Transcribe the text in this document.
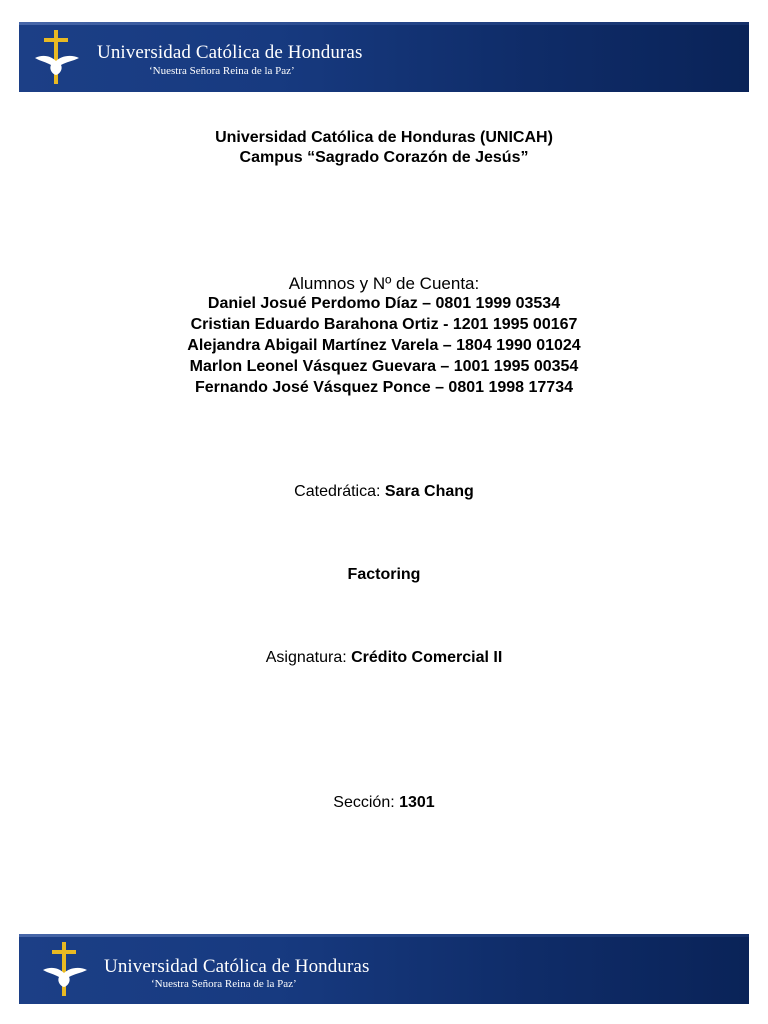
Universidad Católica de Honduras
‘Nuestra Señora Reina de la Paz’
Universidad Católica de Honduras (UNICAH)
Campus “Sagrado Corazón de Jesús”
Alumnos y Nº de Cuenta:
Daniel Josué Perdomo Díaz – 0801 1999 03534
Cristian Eduardo Barahona Ortiz - 1201 1995 00167
Alejandra Abigail Martínez Varela – 1804 1990 01024
Marlon Leonel Vásquez Guevara – 1001 1995 00354
Fernando José Vásquez Ponce – 0801 1998 17734
Catedrática: Sara Chang
Factoring
Asignatura: Crédito Comercial II
Sección: 1301
Universidad Católica de Honduras
‘Nuestra Señora Reina de la Paz’
